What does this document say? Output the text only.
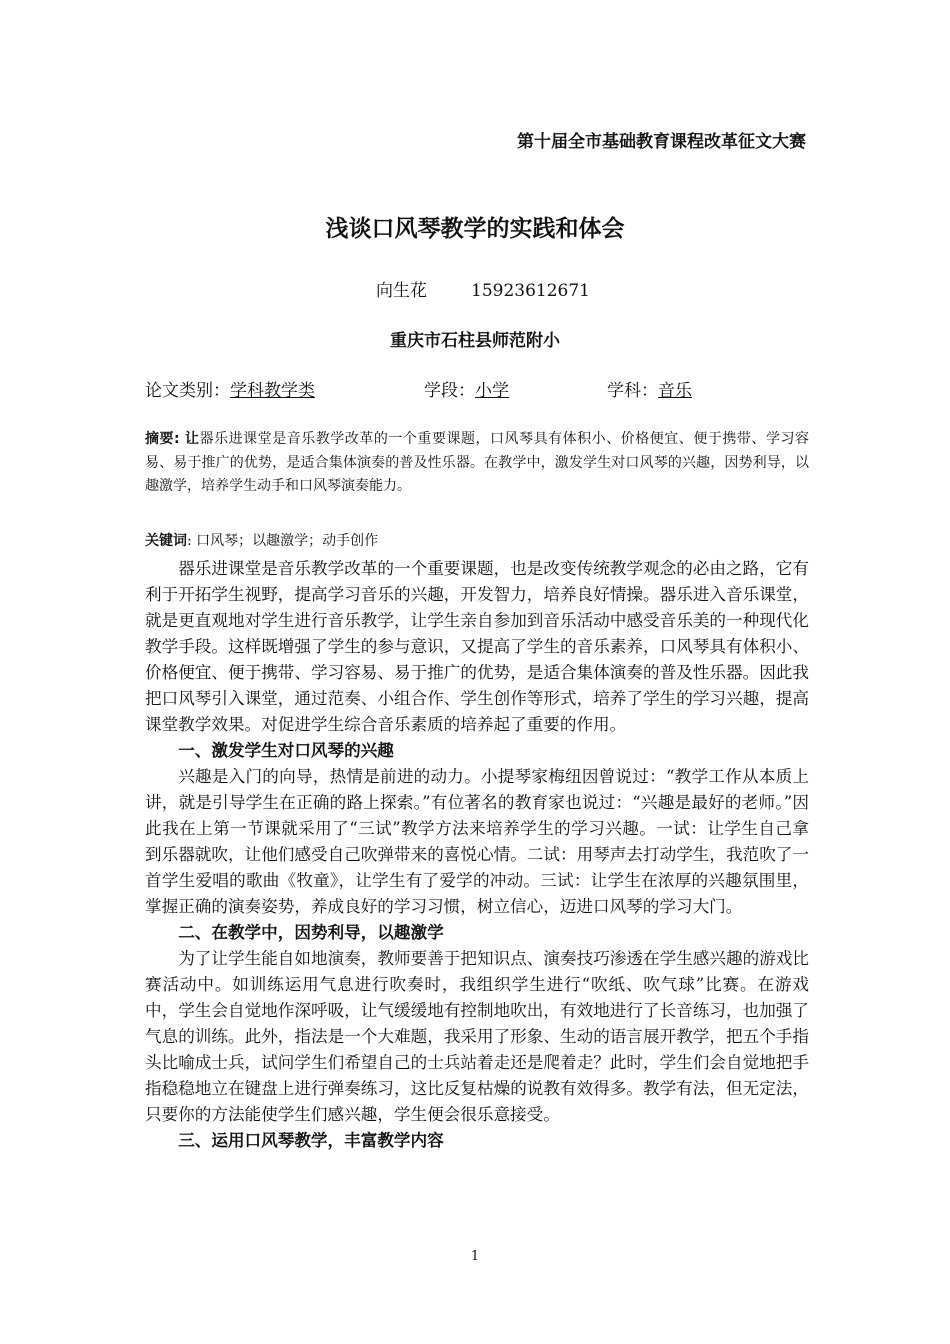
第十届全市基础教育课程改革征文大赛
浅谈口风琴教学的实践和体会
向生花	15923612671
重庆市石柱县师范附小
论文类别：学科教学类	学段：小学	学科：音乐
摘要: 让器乐进课堂是音乐教学改革的一个重要课题，口风琴具有体积小、价格便宜、便于携带、学习容易、易于推广的优势，是适合集体演奏的普及性乐器。在教学中，激发学生对口风琴的兴趣，因势利导，以趣激学，培养学生动手和口风琴演奏能力。
关键词: 口风琴；以趣激学；动手创作

器乐进课堂是音乐教学改革的一个重要课题，也是改变传统教学观念的必由之路，它有利于开拓学生视野，提高学习音乐的兴趣，开发智力，培养良好情操。器乐进入音乐课堂，就是更直观地对学生进行音乐教学，让学生亲自参加到音乐活动中感受音乐美的一种现代化教学手段。这样既增强了学生的参与意识，又提高了学生的音乐素养，口风琴具有体积小、价格便宜、便于携带、学习容易、易于推广的优势，是适合集体演奏的普及性乐器。因此我把口风琴引入课堂，通过范奏、小组合作、学生创作等形式，培养了学生的学习兴趣，提高课堂教学效果。对促进学生综合音乐素质的培养起了重要的作用。

一、激发学生对口风琴的兴趣

兴趣是入门的向导，热情是前进的动力。小提琴家梅纽因曾说过：“教学工作从本质上讲，就是引导学生在正确的路上探索。”有位著名的教育家也说过：“兴趣是最好的老师。”因此我在上第一节课就采用了“三试”教学方法来培养学生的学习兴趣。一试：让学生自己拿到乐器就吹，让他们感受自己吹弹带来的喜悦心情。二试：用琴声去打动学生，我范吹了一首学生爱唱的歌曲《牧童》，让学生有了爱学的冲动。三试：让学生在浓厚的兴趣氛围里，掌握正确的演奏姿势，养成良好的学习习惯，树立信心，迈进口风琴的学习大门。

二、在教学中，因势利导，以趣激学

为了让学生能自如地演奏，教师要善于把知识点、演奏技巧渗透在学生感兴趣的游戏比赛活动中。如训练运用气息进行吹奏时，我组织学生进行“吹纸、吹气球”比赛。在游戏中，学生会自觉地作深呼吸，让气缓缓地有控制地吹出，有效地进行了长音练习，也加强了气息的训练。此外，指法是一个大难题，我采用了形象、生动的语言展开教学，把五个手指头比喻成士兵，试问学生们希望自己的士兵站着走还是爬着走？此时，学生们会自觉地把手指稳稳地立在键盘上进行弹奏练习，这比反复枯燥的说教有效得多。教学有法，但无定法，只要你的方法能使学生们感兴趣，学生便会很乐意接受。

三、运用口风琴教学，丰富教学内容
1
